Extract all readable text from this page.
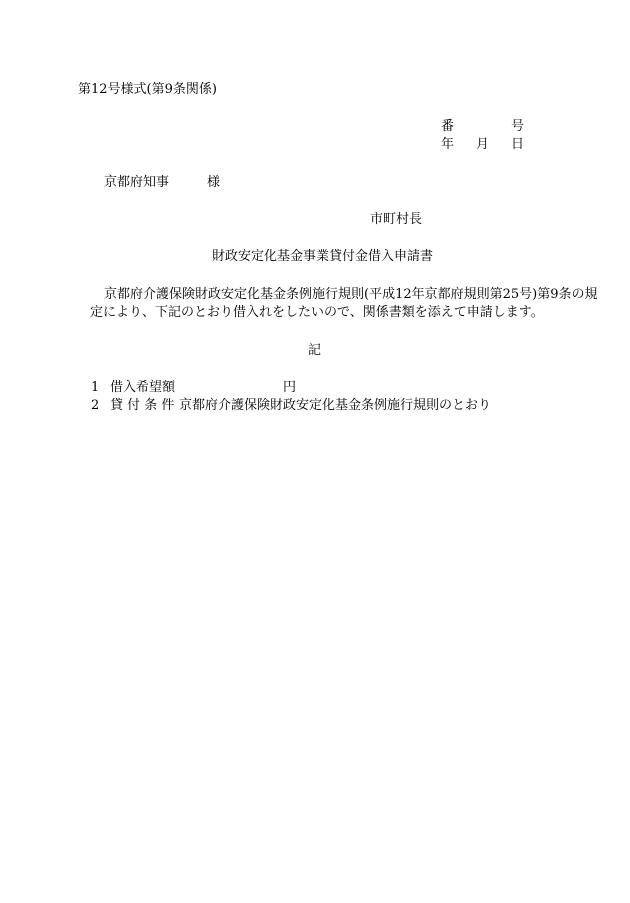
第12号様式(第9条関係)
番	号
年 月 日
京都府知事	様
市町村長
財政安定化基金事業貸付金借入申請書
京都府介護保険財政安定化基金条例施行規則(平成12年京都府規則第25号)第9条の規
定により、下記のとおり借入れをしたいので、関係書類を添えて申請します。
記
1 借入希望額	円
2 貸 付 条 件 京都府介護保険財政安定化基金条例施行規則のとおり
